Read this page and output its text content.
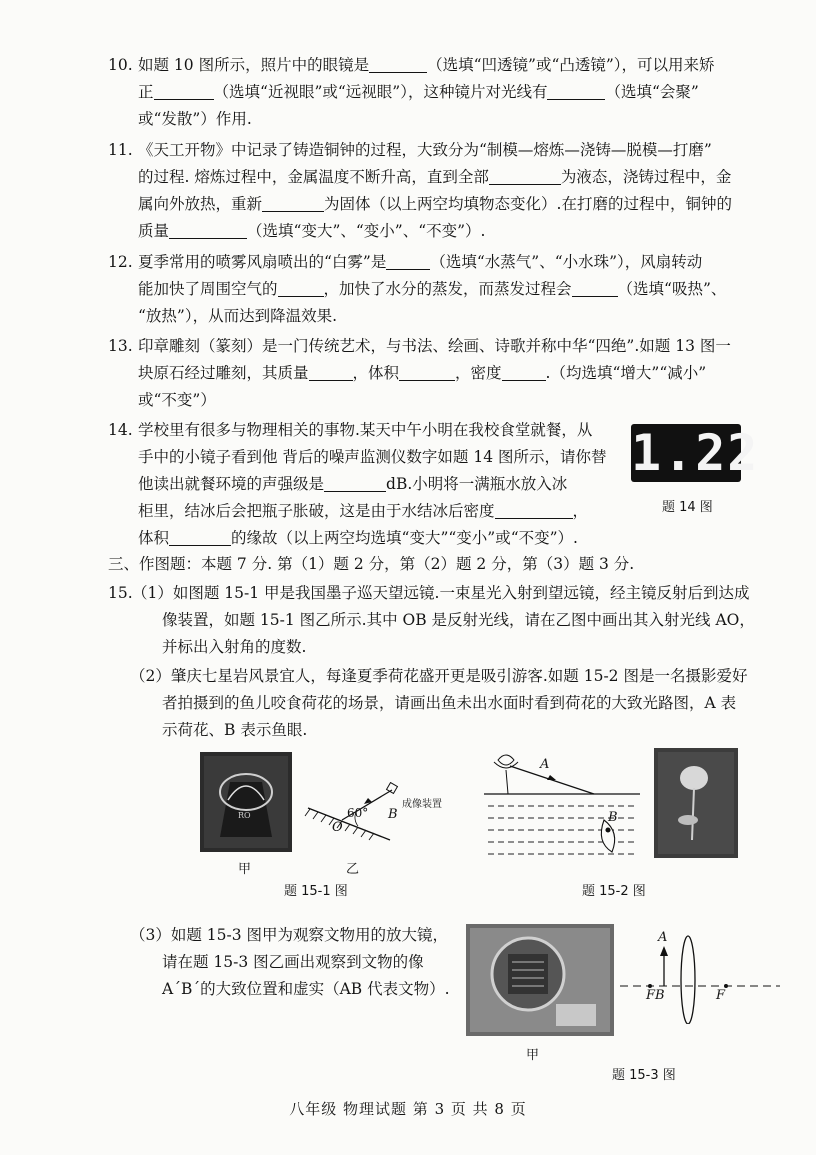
10. 如题 10 图所示，照片中的眼镜是	（选填“凹透镜”或“凸透镜”），可以用来矫
正	（选填“近视眼”或“远视眼”），这种镜片对光线有	（选填“会聚”
或“发散”）作用.
11. 《天工开物》中记录了铸造铜钟的过程，大致分为“制模—熔炼—浇铸—脱模—打磨”
的过程. 熔炼过程中，金属温度不断升高，直到全部	为液态，浇铸过程中，金
属向外放热，重新	为固体（以上两空均填物态变化）.在打磨的过程中，铜钟的
质量	（选填“变大”、“变小”、“不变”）.
12. 夏季常用的喷雾风扇喷出的“白雾”是	（选填“水蒸气”、“小水珠”），风扇转动
能加快了周围空气的	，加快了水分的蒸发，而蒸发过程会	（选填“吸热”、
“放热”），从而达到降温效果.
13. 印章雕刻（篆刻）是一门传统艺术，与书法、绘画、诗歌并称中华“四绝”.如题 13 图一
块原石经过雕刻，其质量	，体积	，密度	.（均选填“增大”“减小”
或“不变”）
14. 学校里有很多与物理相关的事物.某天中午小明在我校食堂就餐，从
手中的小镜子看到他 背后的噪声监测仪数字如题 14 图所示，请你替
他读出就餐环境的声强级是	dB.小明将一满瓶水放入冰
柜里，结冰后会把瓶子胀破，这是由于水结冰后密度	，
体积	的缘故（以上两空均选填“变大”“变小”或“不变”）.
1.22
题 14 图
三、作图题：本题 7 分. 第（1）题 2 分，第（2）题 2 分，第（3）题 3 分.
15. （1）如图题 15-1 甲是我国墨子巡天望远镜.一束星光入射到望远镜，经主镜反射后到达成
像装置，如题 15-1 图乙所示.其中 OB 是反射光线，请在乙图中画出其入射光线 AO，
并标出入射角的度数.
（2）肇庆七星岩风景宜人，每逢夏季荷花盛开更是吸引游客.如题 15-2 图是一名摄影爱好
者拍摄到的鱼儿咬食荷花的场景，请画出鱼未出水面时看到荷花的大致光路图，A 表
示荷花、B 表示鱼眼.
RO
甲
成像装置
B
60°
O
乙
题 15-1 图
A
B
题 15-2 图
（3）如题 15-3 图甲为观察文物用的放大镜，
请在题 15-3 图乙画出观察到文物的像
A´B´的大致位置和虚实（AB 代表文物）.
甲
A
FB	F
题 15-3 图
八年级 物理试题 第 3 页 共 8 页
